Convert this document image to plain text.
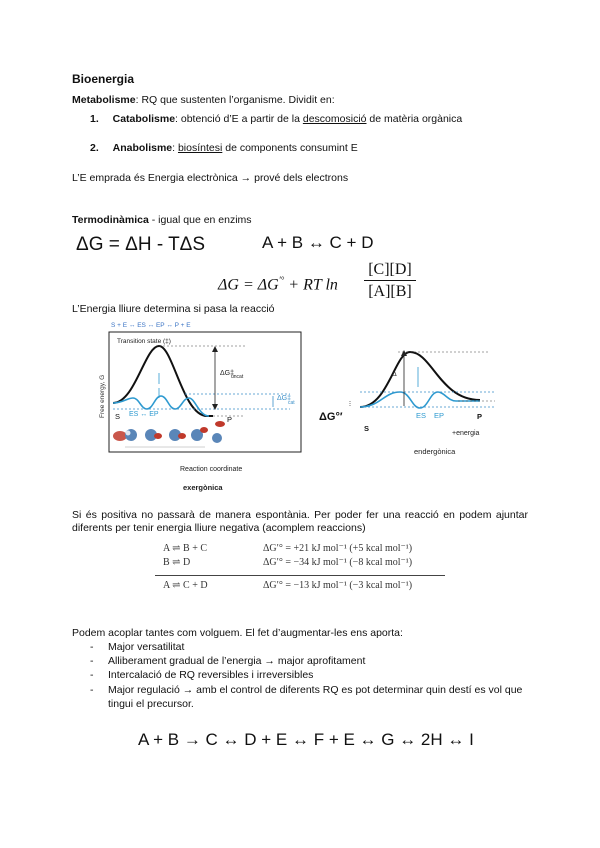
Bioenergia
Metabolisme: RQ que sustenten l’organisme. Dividit en:
1. Catabolisme: obtenció d’E a partir de la descomosició de matèria orgànica
2. Anabolisme: biosíntesi de components consumint E
L’E emprada és Energia electrònica → prové dels electrons
Termodinàmica - igual que en enzims
ΔG = ΔH - TΔS	A + B ↔ C + D
ΔG = ΔG′° + RT ln
[C][D]
[A][B]
L’Energia lliure determina si pasa la reacció
S + E ↔ ES ↔ EP ↔ P + E
Transition state (‡)
Free energy, G
ΔG‡
uncat
ΔG‡
cat
ES ↔ EP
S	P
Reaction coordinate
exergònica
Δ
ΔG°′	ES EP
S
P
+energia
endergònica
Si és positiva no passarà de manera espontània. Per poder fer una reacció en podem ajuntar diferents per tenir energia lliure negativa (acomplem reaccions)
A ⇌ B + C	ΔG′° = +21 kJ mol⁻¹ (+5 kcal mol⁻¹)
B ⇌ D	ΔG′° = −34 kJ mol⁻¹ (−8 kcal mol⁻¹)
A ⇌ C + D	ΔG′° = −13 kJ mol⁻¹ (−3 kcal mol⁻¹)
Podem acoplar tantes com volguem. El fet d’augmentar-les ens aporta:
- Major versatilitat
- Alliberament gradual de l’energia → major aprofitament
- Intercalació de RQ reversibles i irreversibles
- Major regulació → amb el control de diferents RQ es pot determinar quin destí es vol que tingui el precursor.
A + B → C ↔ D + E ↔ F + E ↔ G ↔ 2H ↔ I
